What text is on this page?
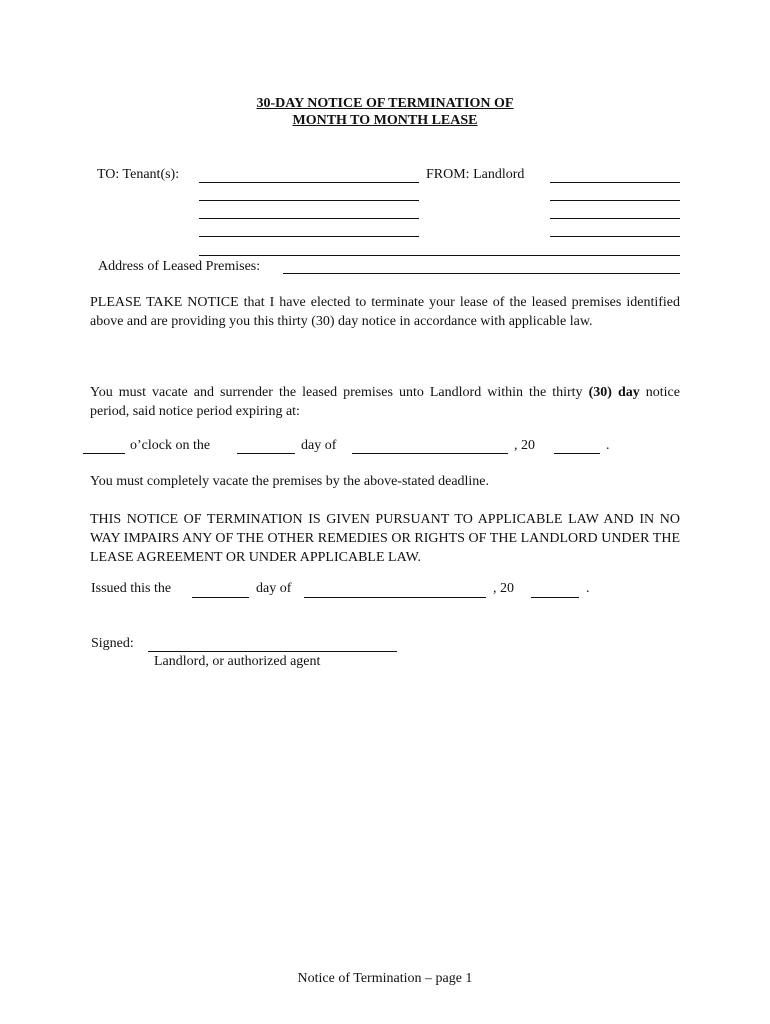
30-DAY NOTICE OF TERMINATION OF
MONTH TO MONTH LEASE
TO: Tenant(s):	FROM: Landlord
Address of Leased Premises:
PLEASE TAKE NOTICE that I have elected to terminate your lease of the leased premises identified above and are providing you this thirty (30) day notice in accordance with applicable law.
You must vacate and surrender the leased premises unto Landlord within the thirty (30) day notice period, said notice period expiring at:
o’clock on the	day of	, 20	.
You must completely vacate the premises by the above-stated deadline.
THIS NOTICE OF TERMINATION IS GIVEN PURSUANT TO APPLICABLE LAW AND IN NO WAY IMPAIRS ANY OF THE OTHER REMEDIES OR RIGHTS OF THE LANDLORD UNDER THE LEASE AGREEMENT OR UNDER APPLICABLE LAW.
Issued this the	day of	, 20	.
Signed:
Landlord, or authorized agent
Notice of Termination – page 1
